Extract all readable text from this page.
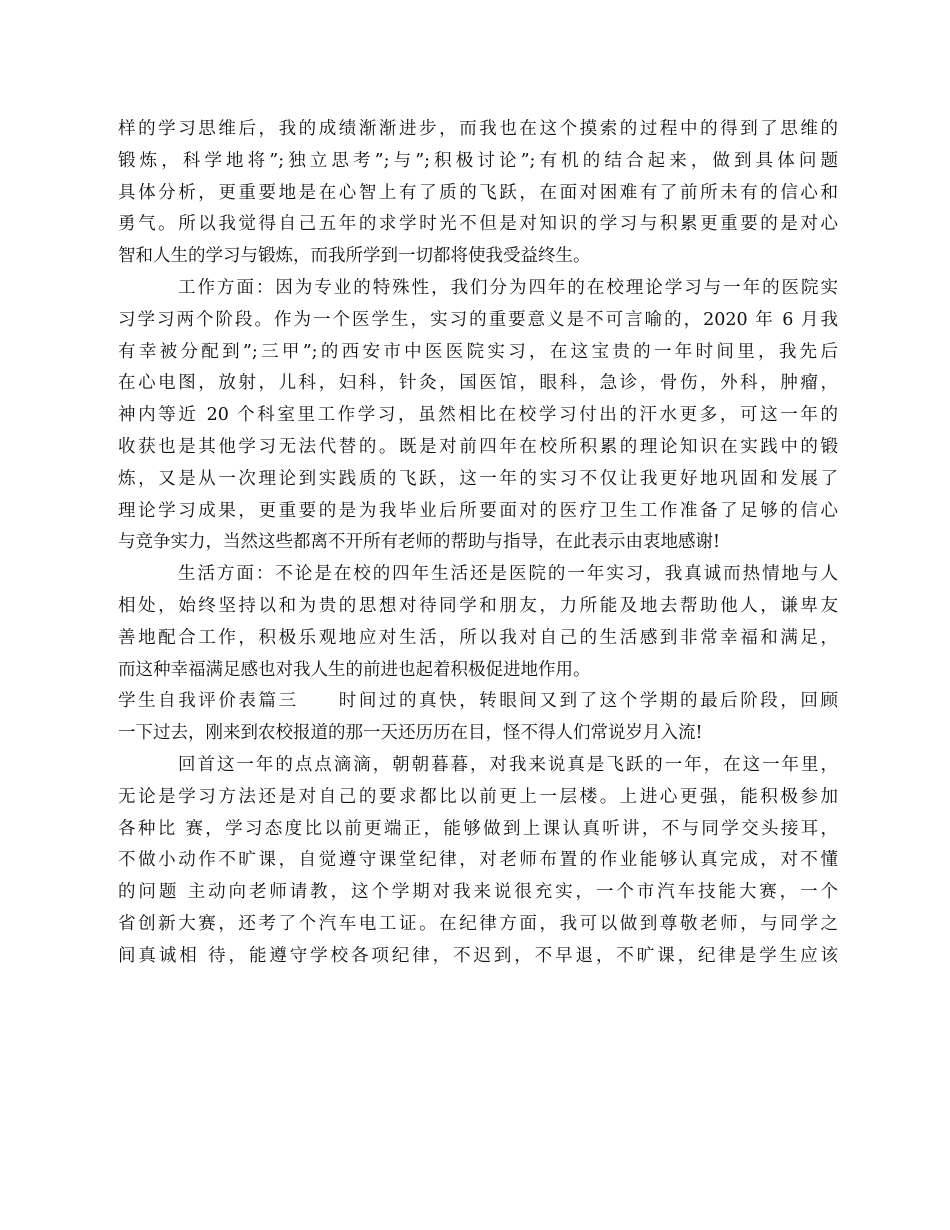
样的学习思维后，我的成绩渐渐进步，而我也在这个摸索的过程中的得到了思维的
锻炼，科学地将”;独立思考”;与”;积极讨论”;有机的结合起来，做到具体问题
具体分析，更重要地是在心智上有了质的飞跃，在面对困难有了前所未有的信心和
勇气。所以我觉得自己五年的求学时光不但是对知识的学习与积累更重要的是对心
智和人生的学习与锻炼，而我所学到一切都将使我受益终生。
工作方面：因为专业的特殊性，我们分为四年的在校理论学习与一年的医院实
习学习两个阶段。作为一个医学生，实习的重要意义是不可言喻的，2020 年 6 月我
有幸被分配到”;三甲”;的西安市中医医院实习，在这宝贵的一年时间里，我先后
在心电图，放射，儿科，妇科，针灸，国医馆，眼科，急诊，骨伤，外科，肿瘤，
神内等近 20 个科室里工作学习，虽然相比在校学习付出的汗水更多，可这一年的
收获也是其他学习无法代替的。既是对前四年在校所积累的理论知识在实践中的锻
炼，又是从一次理论到实践质的飞跃，这一年的实习不仅让我更好地巩固和发展了
理论学习成果，更重要的是为我毕业后所要面对的医疗卫生工作准备了足够的信心
与竞争实力，当然这些都离不开所有老师的帮助与指导，在此表示由衷地感谢!
生活方面：不论是在校的四年生活还是医院的一年实习，我真诚而热情地与人
相处，始终坚持以和为贵的思想对待同学和朋友，力所能及地去帮助他人，谦卑友
善地配合工作，积极乐观地应对生活，所以我对自己的生活感到非常幸福和满足，
而这种幸福满足感也对我人生的前进也起着积极促进地作用。
学生自我评价表篇三　　时间过的真快，转眼间又到了这个学期的最后阶段，回顾
一下过去，刚来到农校报道的那一天还历历在目，怪不得人们常说岁月入流!
回首这一年的点点滴滴，朝朝暮暮，对我来说真是飞跃的一年，在这一年里，
无论是学习方法还是对自己的要求都比以前更上一层楼。上进心更强，能积极参加
各种比 赛，学习态度比以前更端正，能够做到上课认真听讲，不与同学交头接耳，
不做小动作不旷课，自觉遵守课堂纪律，对老师布置的作业能够认真完成，对不懂
的问题 主动向老师请教，这个学期对我来说很充实，一个市汽车技能大赛，一个
省创新大赛，还考了个汽车电工证。在纪律方面，我可以做到尊敬老师，与同学之
间真诚相 待，能遵守学校各项纪律，不迟到，不早退，不旷课，纪律是学生应该
